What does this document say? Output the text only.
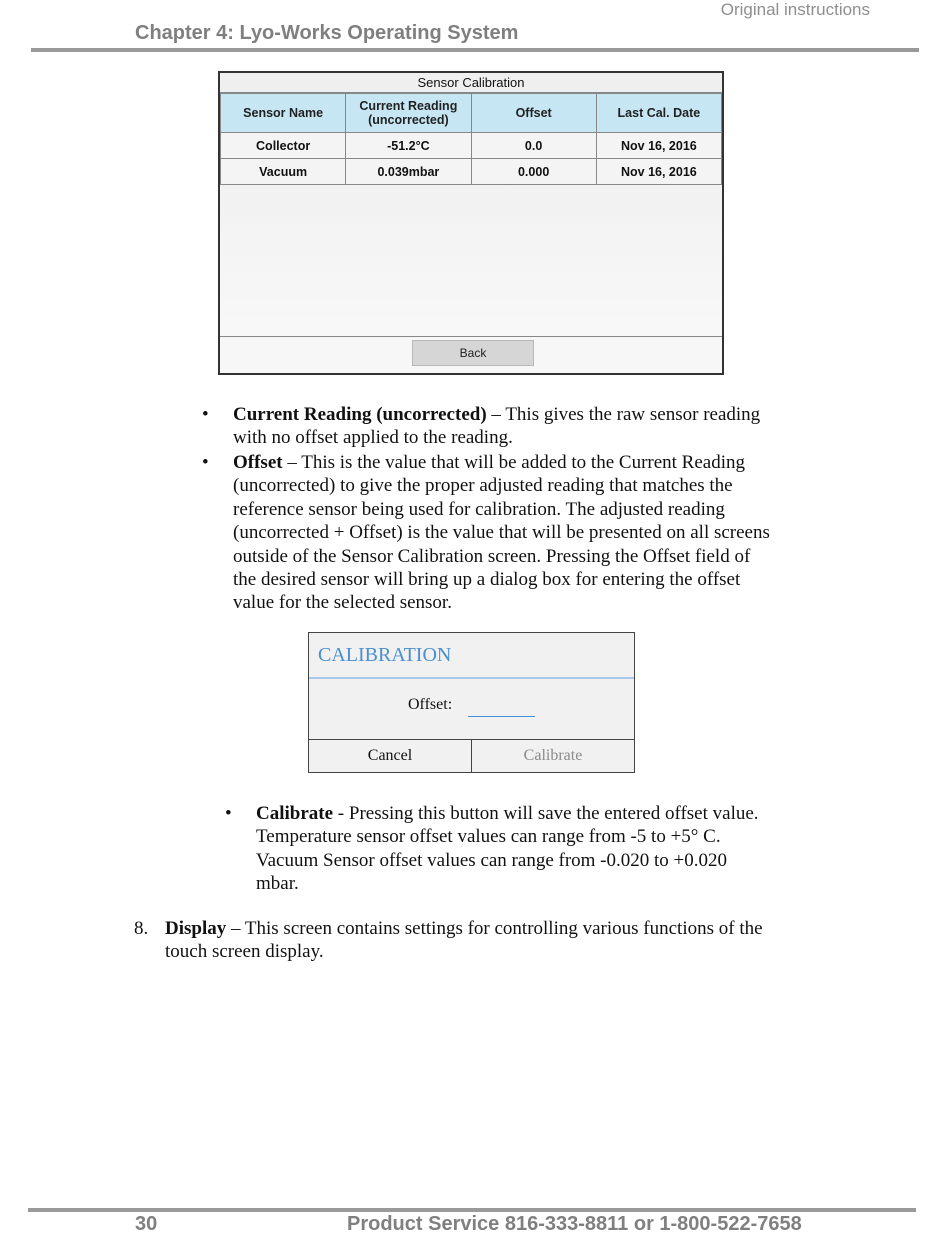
Original instructions
Chapter 4: Lyo-Works Operating System
Sensor Calibration
Sensor Name	Current Reading (uncorrected)	Offset	Last Cal. Date
Collector	-51.2°C	0.0	Nov 16, 2016
Vacuum	0.039mbar	0.000	Nov 16, 2016
Back
• Current Reading (uncorrected) – This gives the raw sensor reading
with no offset applied to the reading.
• Offset – This is the value that will be added to the Current Reading
(uncorrected) to give the proper adjusted reading that matches the
reference sensor being used for calibration. The adjusted reading
(uncorrected + Offset) is the value that will be presented on all screens
outside of the Sensor Calibration screen. Pressing the Offset field of
the desired sensor will bring up a dialog box for entering the offset
value for the selected sensor.
CALIBRATION
Offset:
Cancel	Calibrate
• Calibrate - Pressing this button will save the entered offset value.
Temperature sensor offset values can range from -5 to +5° C.
Vacuum Sensor offset values can range from -0.020 to +0.020
mbar.
8. Display – This screen contains settings for controlling various functions of the
touch screen display.
30	Product Service 816-333-8811 or 1-800-522-7658
